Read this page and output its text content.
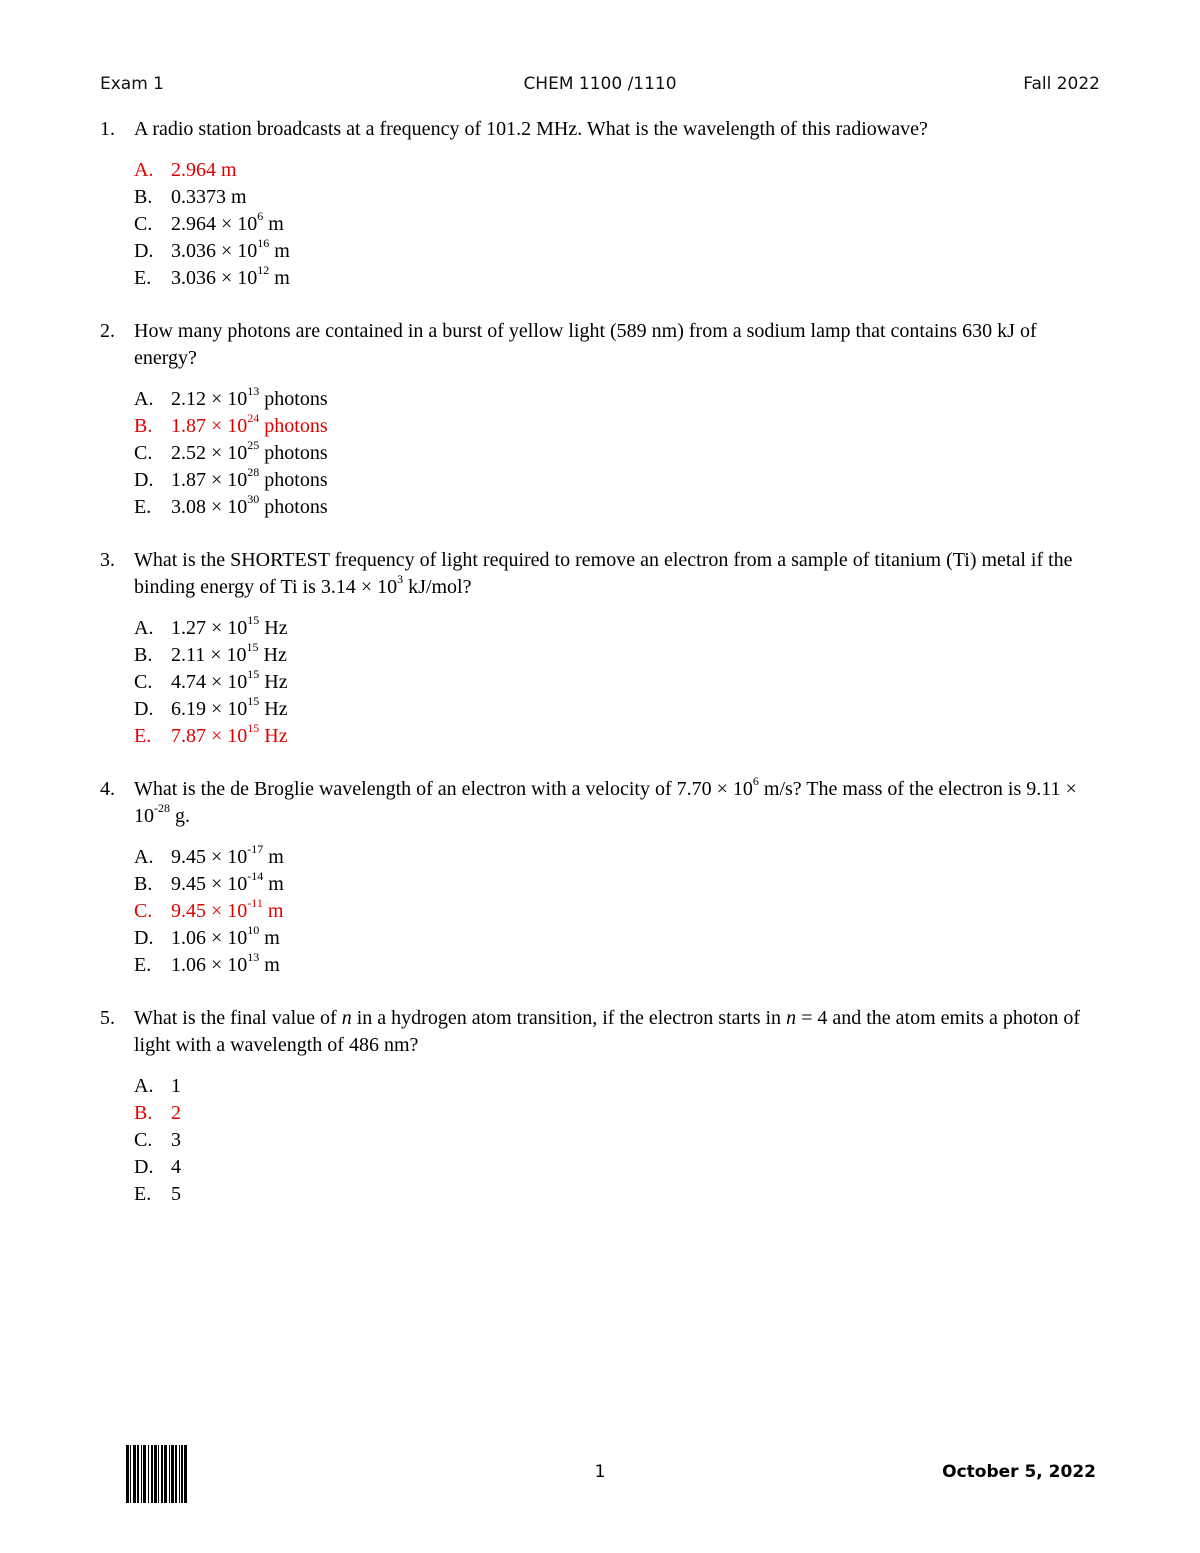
Exam 1	CHEM 1100 /1110	Fall 2022
1. A radio station broadcasts at a frequency of 101.2 MHz. What is the wavelength of this radiowave?
A. 2.964 m
B. 0.3373 m
C. $2.964 \times 10^6$ m
D. $3.036 \times 10^{16}$ m
E. $3.036 \times 10^{12}$ m
2. How many photons are contained in a burst of yellow light (589 nm) from a sodium lamp that contains 630 kJ of energy?
A. $2.12 \times 10^{13}$ photons
B. $1.87 \times 10^{24}$ photons
C. $2.52 \times 10^{25}$ photons
D. $1.87 \times 10^{28}$ photons
E. $3.08 \times 10^{30}$ photons
3. What is the SHORTEST frequency of light required to remove an electron from a sample of titanium (Ti) metal if the binding energy of Ti is $3.14 \times 10^3$ kJ/mol?
A. $1.27 \times 10^{15}$ Hz
B. $2.11 \times 10^{15}$ Hz
C. $4.74 \times 10^{15}$ Hz
D. $6.19 \times 10^{15}$ Hz
E. $7.87 \times 10^{15}$ Hz
4. What is the de Broglie wavelength of an electron with a velocity of $7.70 \times 10^6$ m/s? The mass of the electron is $9.11 \times 10^{-28}$ g.
A. $9.45 \times 10^{-17}$ m
B. $9.45 \times 10^{-14}$ m
C. $9.45 \times 10^{-11}$ m
D. $1.06 \times 10^{10}$ m
E. $1.06 \times 10^{13}$ m
5. What is the final value of n in a hydrogen atom transition, if the electron starts in n = 4 and the atom emits a photon of light with a wavelength of 486 nm?
A. 1
B. 2
C. 3
D. 4
E. 5
1	October 5, 2022
